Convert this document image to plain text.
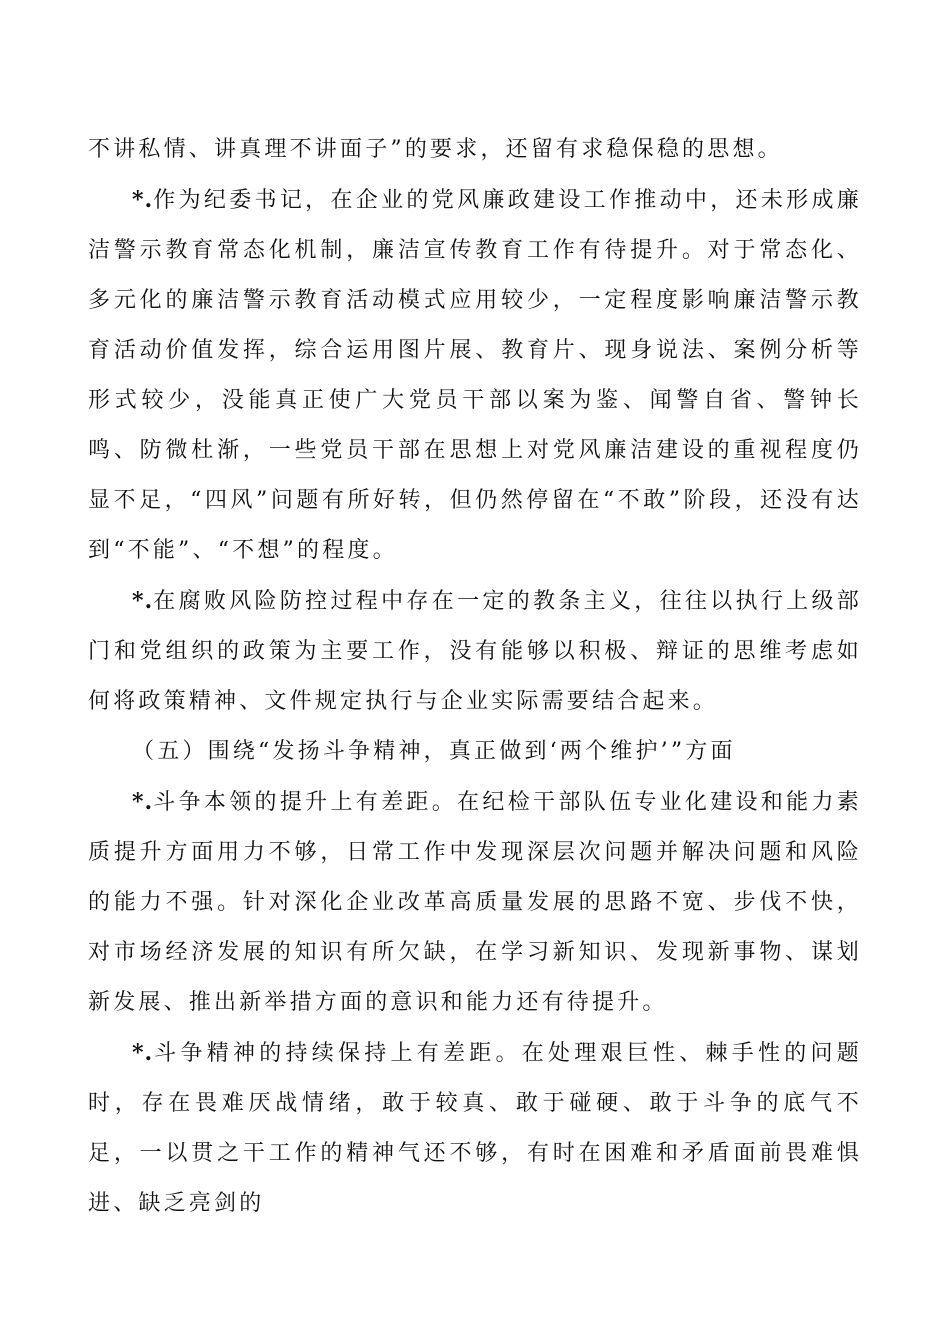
不讲私情、讲真理不讲面子”的要求，还留有求稳保稳的思想。

*.作为纪委书记，在企业的党风廉政建设工作推动中，还未形成廉洁警示教育常态化机制，廉洁宣传教育工作有待提升。对于常态化、多元化的廉洁警示教育活动模式应用较少，一定程度影响廉洁警示教育活动价值发挥，综合运用图片展、教育片、现身说法、案例分析等形式较少，没能真正使广大党员干部以案为鉴、闻警自省、警钟长鸣、防微杜渐，一些党员干部在思想上对党风廉洁建设的重视程度仍显不足，“四风”问题有所好转，但仍然停留在“不敢”阶段，还没有达到“不能”、“不想”的程度。

*.在腐败风险防控过程中存在一定的教条主义，往往以执行上级部门和党组织的政策为主要工作，没有能够以积极、辩证的思维考虑如何将政策精神、文件规定执行与企业实际需要结合起来。

（五）围绕“发扬斗争精神，真正做到‘两个维护’”方面

*.斗争本领的提升上有差距。在纪检干部队伍专业化建设和能力素质提升方面用力不够，日常工作中发现深层次问题并解决问题和风险的能力不强。针对深化企业改革高质量发展的思路不宽、步伐不快，对市场经济发展的知识有所欠缺，在学习新知识、发现新事物、谋划新发展、推出新举措方面的意识和能力还有待提升。

*.斗争精神的持续保持上有差距。在处理艰巨性、棘手性的问题时，存在畏难厌战情绪，敢于较真、敢于碰硬、敢于斗争的底气不足，一以贯之干工作的精神气还不够，有时在困难和矛盾面前畏难惧进、缺乏亮剑的
